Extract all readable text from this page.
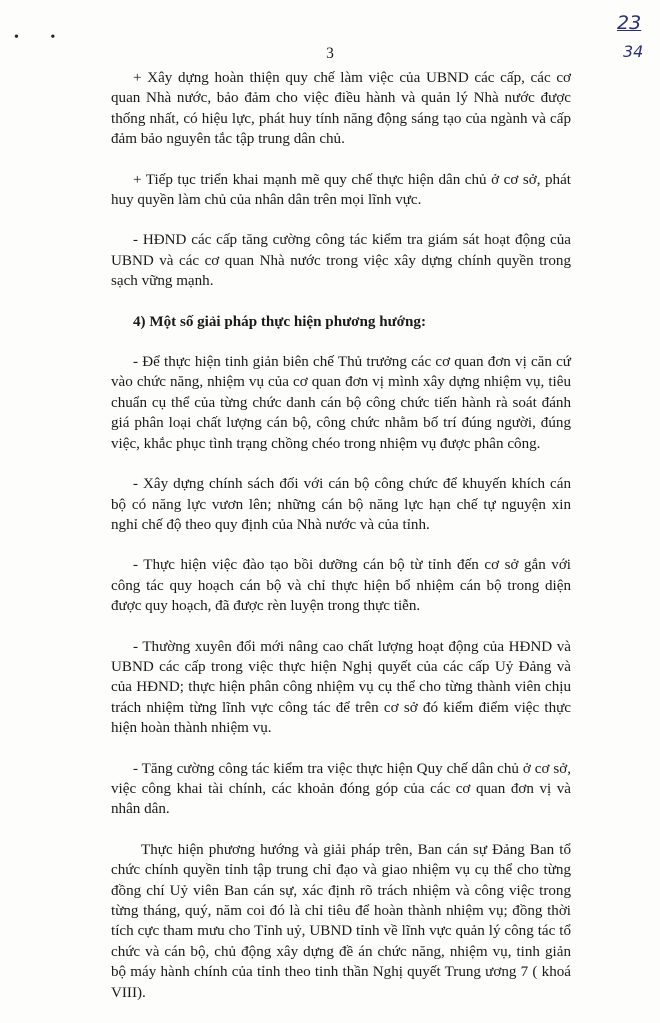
• •
3
23
34

+ Xây dựng hoàn thiện quy chế làm việc của UBND các cấp, các cơ quan Nhà nước, bảo đảm cho việc điều hành và quản lý Nhà nước được thống nhất, có hiệu lực, phát huy tính năng động sáng tạo của ngành và cấp đảm bảo nguyên tắc tập trung dân chủ.

+ Tiếp tục triển khai mạnh mẽ quy chế thực hiện dân chủ ở cơ sở, phát huy quyền làm chủ của nhân dân trên mọi lĩnh vực.

- HĐND các cấp tăng cường công tác kiểm tra giám sát hoạt động của UBND và các cơ quan Nhà nước trong việc xây dựng chính quyền trong sạch vững mạnh.

4) Một số giải pháp thực hiện phương hướng:

- Để thực hiện tinh giản biên chế Thủ trưởng các cơ quan đơn vị căn cứ vào chức năng, nhiệm vụ của cơ quan đơn vị mình xây dựng nhiệm vụ, tiêu chuẩn cụ thể của từng chức danh cán bộ công chức tiến hành rà soát đánh giá phân loại chất lượng cán bộ, công chức nhằm bố trí đúng người, đúng việc, khắc phục tình trạng chồng chéo trong nhiệm vụ được phân công.

- Xây dựng chính sách đối với cán bộ công chức để khuyến khích cán bộ có năng lực vươn lên; những cán bộ năng lực hạn chế tự nguyện xin nghỉ chế độ theo quy định của Nhà nước và của tỉnh.

- Thực hiện việc đào tạo bồi dưỡng cán bộ từ tỉnh đến cơ sở gắn với công tác quy hoạch cán bộ và chỉ thực hiện bổ nhiệm cán bộ trong diện được quy hoạch, đã được rèn luyện trong thực tiễn.

- Thường xuyên đổi mới nâng cao chất lượng hoạt động của HĐND và UBND các cấp trong việc thực hiện Nghị quyết của các cấp Uỷ Đảng và của HĐND; thực hiện phân công nhiệm vụ cụ thể cho từng thành viên chịu trách nhiệm từng lĩnh vực công tác để trên cơ sở đó kiểm điểm việc thực hiện hoàn thành nhiệm vụ.

- Tăng cường công tác kiểm tra việc thực hiện Quy chế dân chủ ở cơ sở, việc công khai tài chính, các khoản đóng góp của các cơ quan đơn vị và nhân dân.

Thực hiện phương hướng và giải pháp trên, Ban cán sự Đảng Ban tổ chức chính quyền tỉnh tập trung chỉ đạo và giao nhiệm vụ cụ thể cho từng đồng chí Uỷ viên Ban cán sự, xác định rõ trách nhiệm và công việc trong từng tháng, quý, năm coi đó là chỉ tiêu để hoàn thành nhiệm vụ; đồng thời tích cực tham mưu cho Tỉnh uỷ, UBND tỉnh về lĩnh vực quản lý công tác tổ chức và cán bộ, chủ động xây dựng đề án chức năng, nhiệm vụ, tinh giản bộ máy hành chính của tỉnh theo tinh thần Nghị quyết Trung ương 7 ( khoá VIII).
